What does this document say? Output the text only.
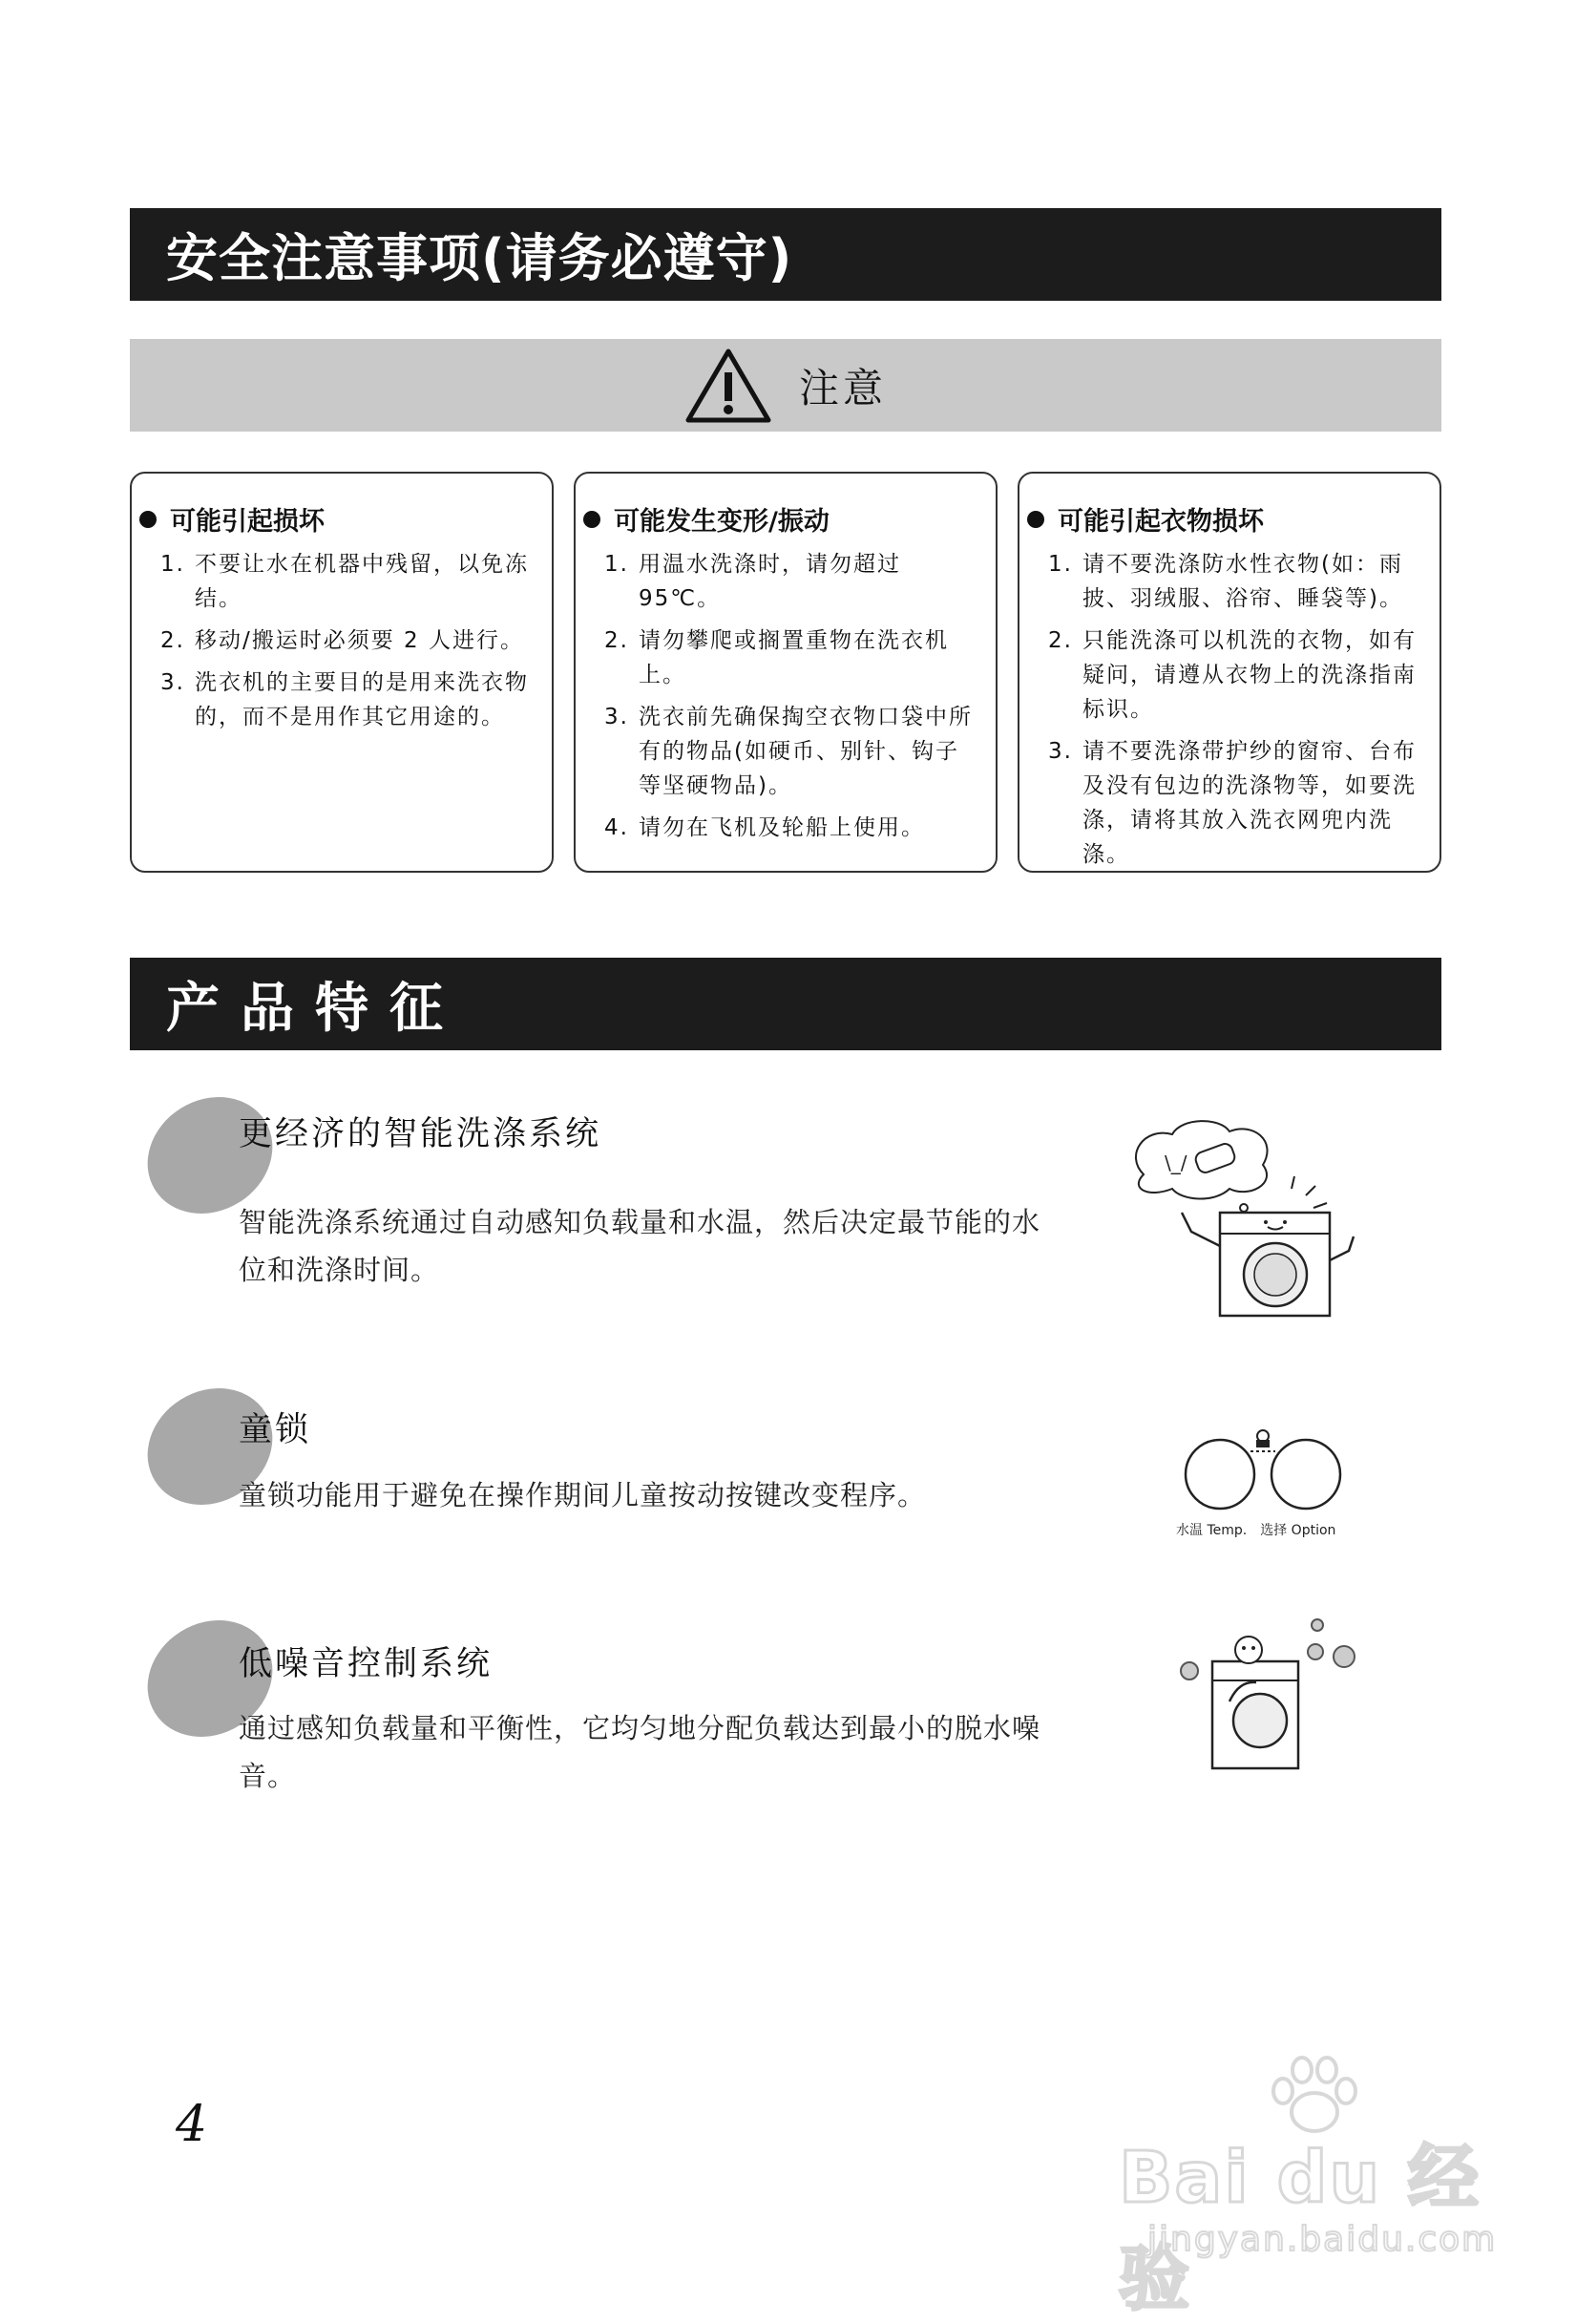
安全注意事项(请务必遵守)
注意
可能引起损坏
1. 不要让水在机器中残留，以免冻结。
2. 移动/搬运时必须要 2 人进行。
3. 洗衣机的主要目的是用来洗衣物的，而不是用作其它用途的。
可能发生变形/振动
1. 用温水洗涤时，请勿超过 95℃。
2. 请勿攀爬或搁置重物在洗衣机上。
3. 洗衣前先确保掏空衣物口袋中所有的物品(如硬币、别针、钩子等坚硬物品)。
4. 请勿在飞机及轮船上使用。
可能引起衣物损坏
1. 请不要洗涤防水性衣物(如：雨披、羽绒服、浴帘、睡袋等)。
2. 只能洗涤可以机洗的衣物，如有疑问，请遵从衣物上的洗涤指南标识。
3. 请不要洗涤带护纱的窗帘、台布及没有包边的洗涤物等，如要洗涤，请将其放入洗衣网兜内洗涤。
产品特征
更经济的智能洗涤系统
智能洗涤系统通过自动感知负载量和水温，然后决定最节能的水位和洗涤时间。
\_/
童锁
童锁功能用于避免在操作期间儿童按动按键改变程序。
水温 Temp. 选择 Option
低噪音控制系统
通过感知负载量和平衡性，它均匀地分配负载达到最小的脱水噪音。
4
Bai du 经验
jingyan.baidu.com
